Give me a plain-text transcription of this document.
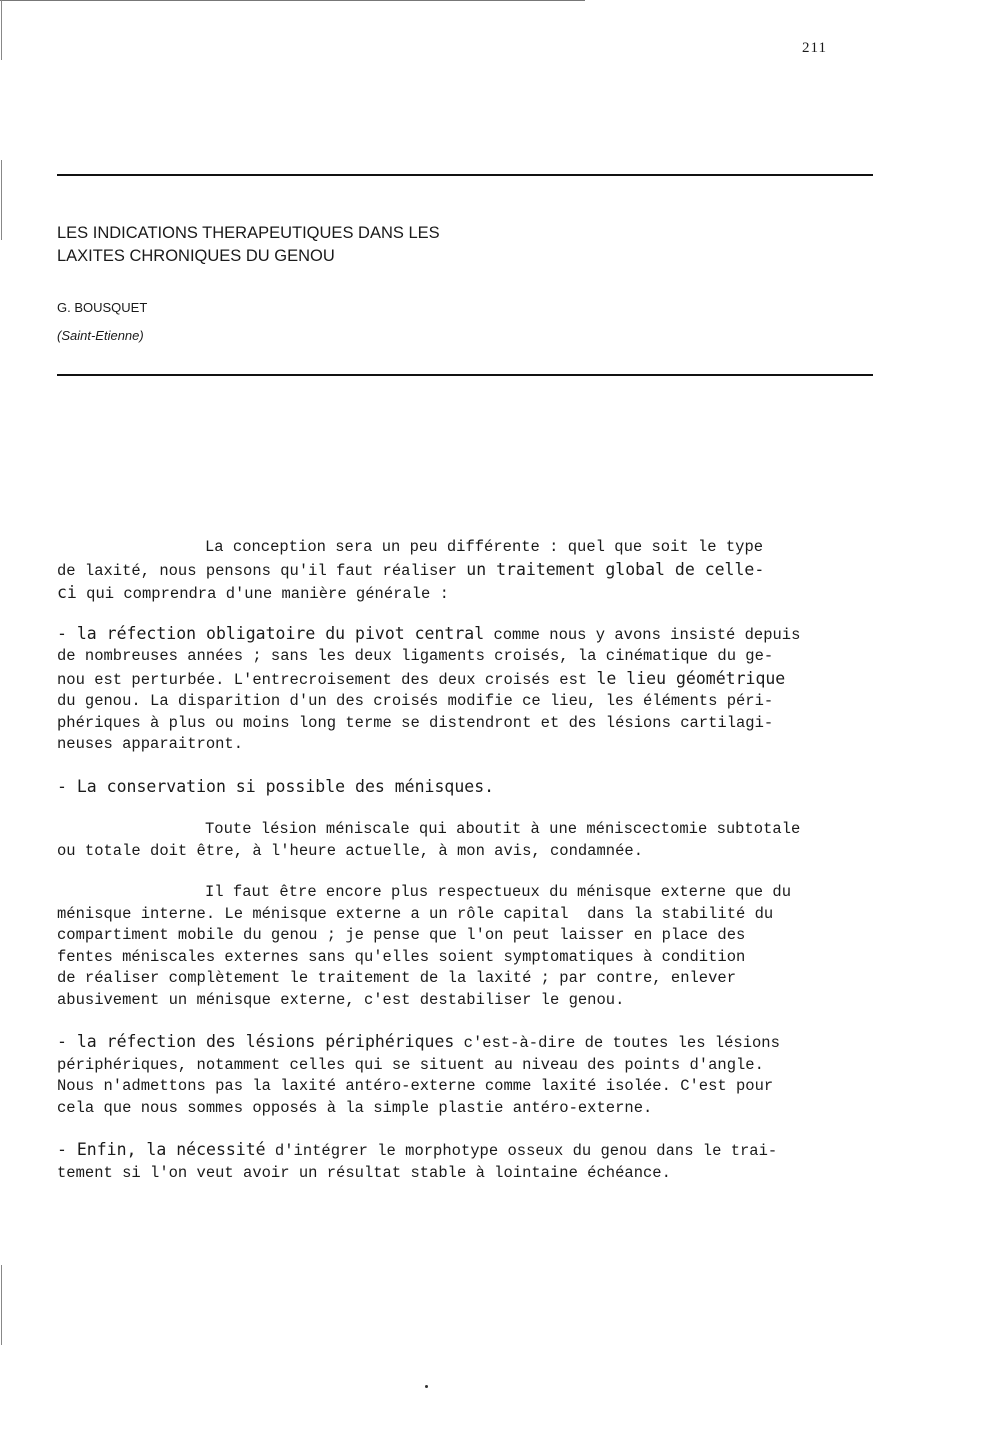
211
LES INDICATIONS THERAPEUTIQUES DANS LES
LAXITES CHRONIQUES DU GENOU
G. BOUSQUET
(Saint-Etienne)
La conception sera un peu différente : quel que soit le type
de laxité, nous pensons qu'il faut réaliser un traitement global de celle-
ci qui comprendra d'une manière générale :
- la réfection obligatoire du pivot central comme nous y avons insisté depuis
de nombreuses années ; sans les deux ligaments croisés, la cinématique du ge-
nou est perturbée. L'entrecroisement des deux croisés est le lieu géométrique
du genou. La disparition d'un des croisés modifie ce lieu, les éléments péri-
phériques à plus ou moins long terme se distendront et des lésions cartilagi-
neuses apparaitront.
- La conservation si possible des ménisques.
Toute lésion méniscale qui aboutit à une méniscectomie subtotale
ou totale doit être, à l'heure actuelle, à mon avis, condamnée.
Il faut être encore plus respectueux du ménisque externe que du
ménisque interne. Le ménisque externe a un rôle capital  dans la stabilité du
compartiment mobile du genou ; je pense que l'on peut laisser en place des
fentes méniscales externes sans qu'elles soient symptomatiques à condition
de réaliser complètement le traitement de la laxité ; par contre, enlever
abusivement un ménisque externe, c'est destabiliser le genou.
- la réfection des lésions périphériques c'est-à-dire de toutes les lésions
périphériques, notamment celles qui se situent au niveau des points d'angle.
Nous n'admettons pas la laxité antéro-externe comme laxité isolée. C'est pour
cela que nous sommes opposés à la simple plastie antéro-externe.
- Enfin, la nécessité d'intégrer le morphotype osseux du genou dans le trai-
tement si l'on veut avoir un résultat stable à lointaine échéance.
